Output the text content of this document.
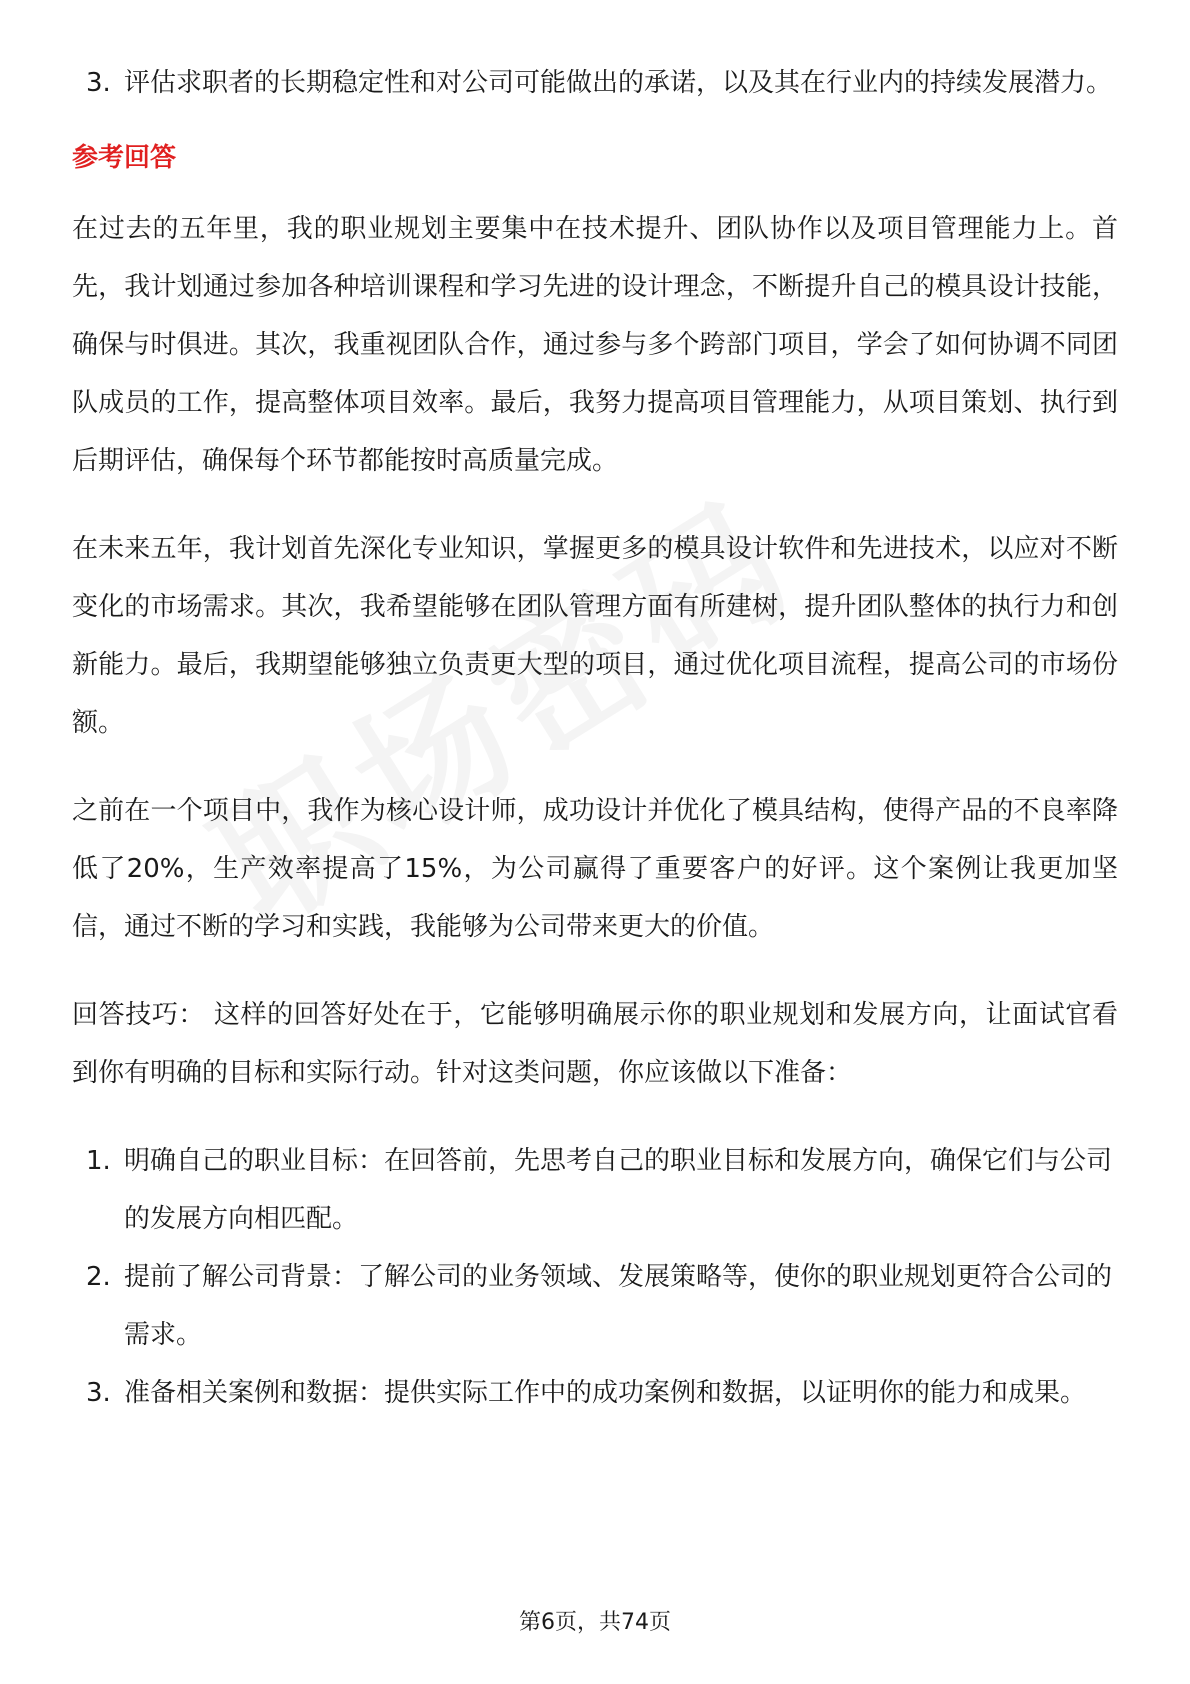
3. 评估求职者的长期稳定性和对公司可能做出的承诺，以及其在行业内的持续发展潜力。
参考回答

在过去的五年里，我的职业规划主要集中在技术提升、团队协作以及项目管理能力上。首先，我计划通过参加各种培训课程和学习先进的设计理念，不断提升自己的模具设计技能，确保与时俱进。其次，我重视团队合作，通过参与多个跨部门项目，学会了如何协调不同团队成员的工作，提高整体项目效率。最后，我努力提高项目管理能力，从项目策划、执行到后期评估，确保每个环节都能按时高质量完成。

在未来五年，我计划首先深化专业知识，掌握更多的模具设计软件和先进技术，以应对不断变化的市场需求。其次，我希望能够在团队管理方面有所建树，提升团队整体的执行力和创新能力。最后，我期望能够独立负责更大型的项目，通过优化项目流程，提高公司的市场份额。

之前在一个项目中，我作为核心设计师，成功设计并优化了模具结构，使得产品的不良率降低了20%，生产效率提高了15%，为公司赢得了重要客户的好评。这个案例让我更加坚信，通过不断的学习和实践，我能够为公司带来更大的价值。

回答技巧： 这样的回答好处在于，它能够明确展示你的职业规划和发展方向，让面试官看到你有明确的目标和实际行动。针对这类问题，你应该做以下准备：

1. 明确自己的职业目标：在回答前，先思考自己的职业目标和发展方向，确保它们与公司的发展方向相匹配。
2. 提前了解公司背景：了解公司的业务领域、发展策略等，使你的职业规划更符合公司的需求。
3. 准备相关案例和数据：提供实际工作中的成功案例和数据，以证明你的能力和成果。
第6页，共74页
